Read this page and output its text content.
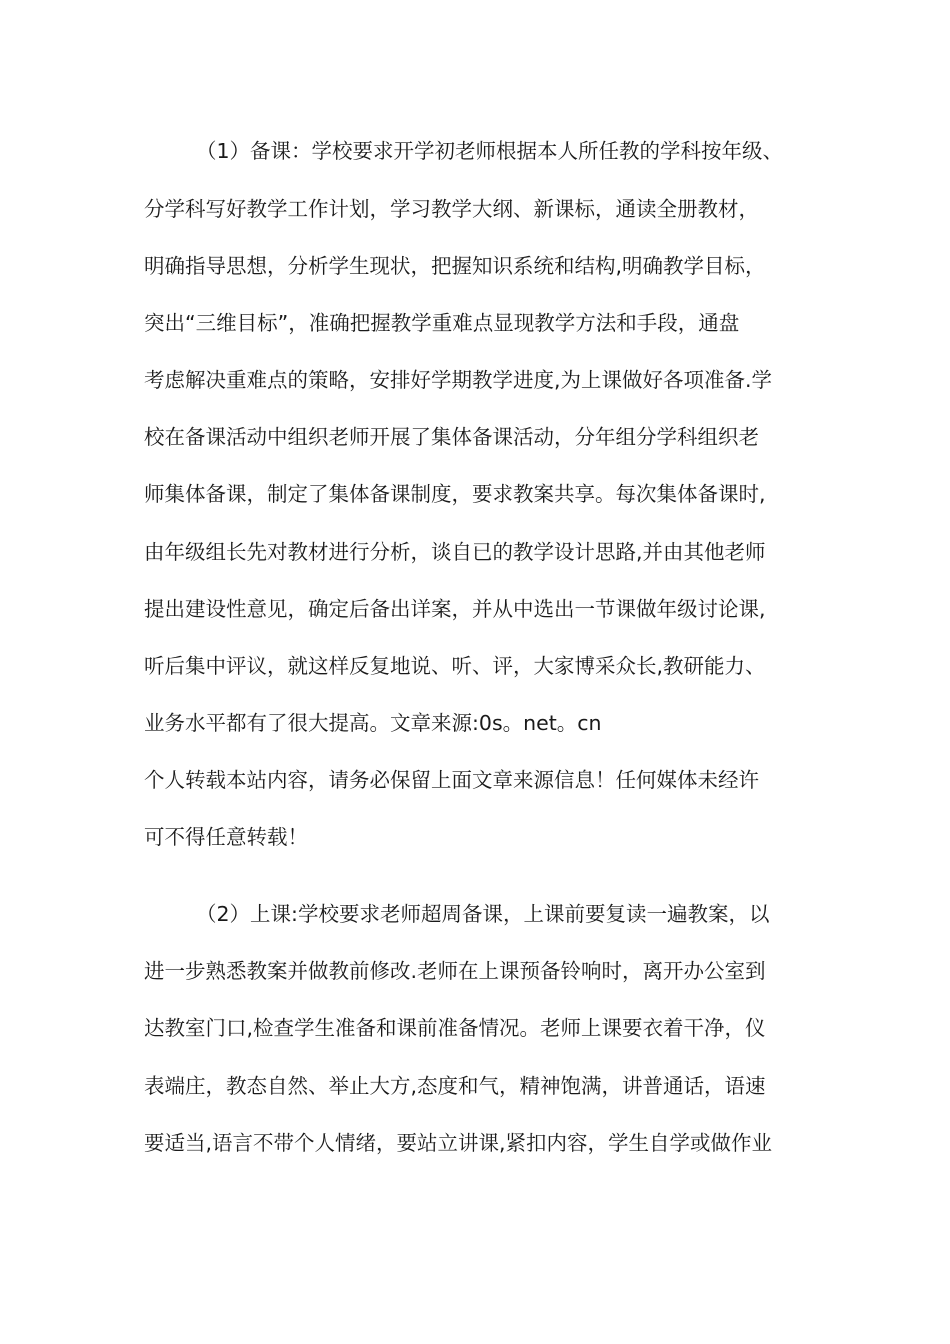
（1）备课：学校要求开学初老师根据本人所任教的学科按年级、
分学科写好教学工作计划，学习教学大纲、新课标，通读全册教材，
明确指导思想，分析学生现状，把握知识系统和结构,明确教学目标，
突出“三维目标”，准确把握教学重难点显现教学方法和手段，通盘
考虑解决重难点的策略，安排好学期教学进度,为上课做好各项准备.学
校在备课活动中组织老师开展了集体备课活动，分年组分学科组织老
师集体备课，制定了集体备课制度，要求教案共享。每次集体备课时,
由年级组长先对教材进行分析，谈自已的教学设计思路,并由其他老师
提出建设性意见，确定后备出详案，并从中选出一节课做年级讨论课,
听后集中评议，就这样反复地说、听、评，大家博采众长,教研能力、
业务水平都有了很大提高。文章来源:0s。net。cn
个人转载本站内容，请务必保留上面文章来源信息！任何媒体未经许
可不得任意转载！
（2）上课:学校要求老师超周备课，上课前要复读一遍教案，以
进一步熟悉教案并做教前修改.老师在上课预备铃响时，离开办公室到
达教室门口,检查学生准备和课前准备情况。老师上课要衣着干净，仪
表端庄，教态自然、举止大方,态度和气，精神饱满，讲普通话，语速
要适当,语言不带个人情绪，要站立讲课,紧扣内容，学生自学或做作业
